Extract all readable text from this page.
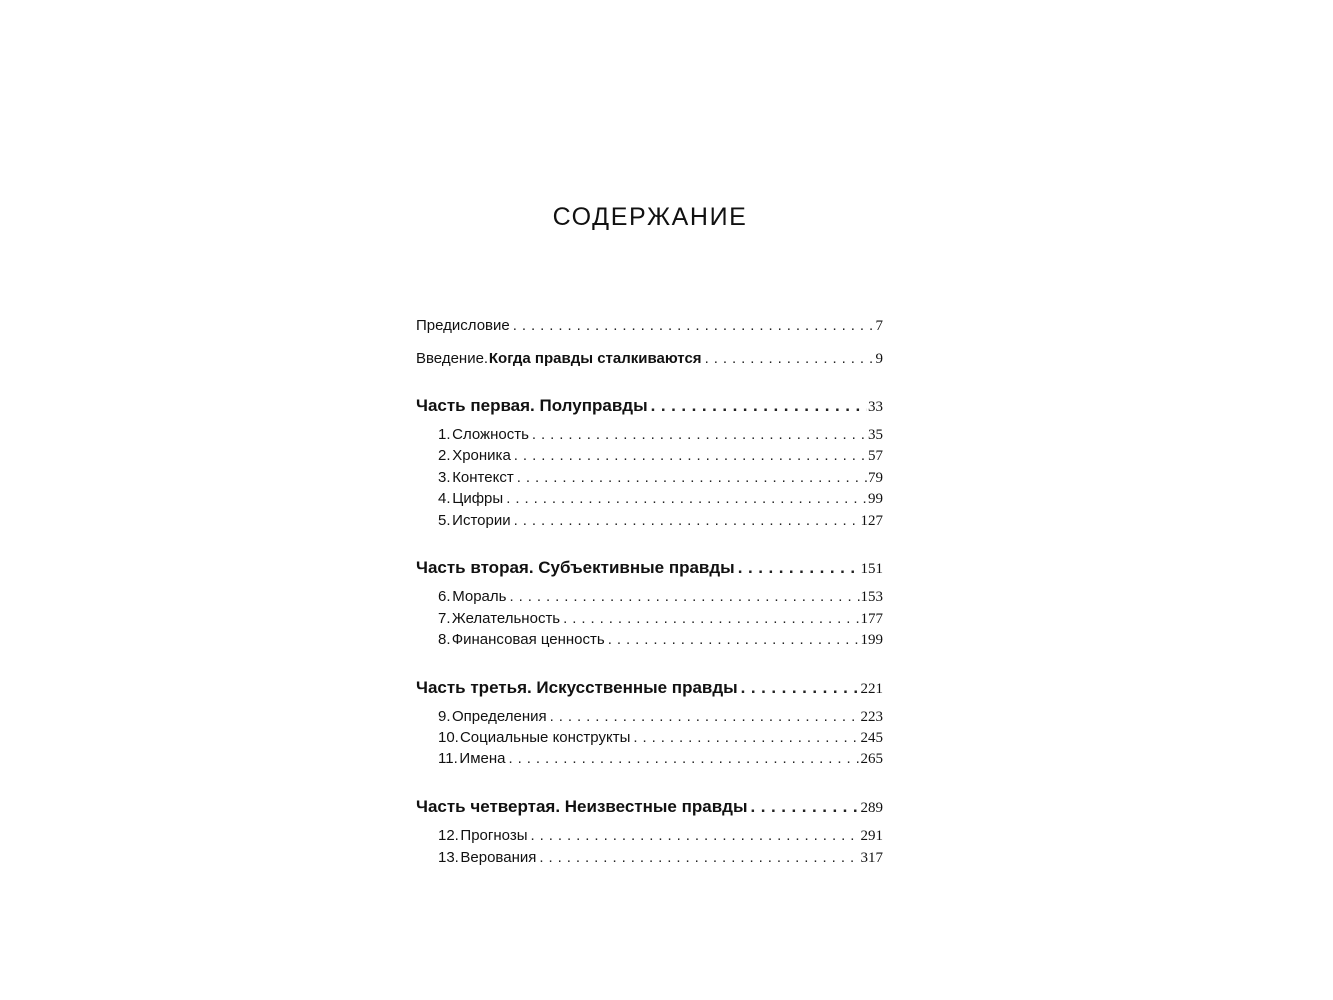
СОДЕРЖАНИЕ
Предисловие . . .	7
Введение. Когда правды сталкиваются . . .	9
Часть первая. Полуправды . . .	33
1. Сложность . . .	35
2. Хроника . . .	57
3. Контекст . . .	79
4. Цифры . . .	99
5. Истории . . .	127
Часть вторая. Субъективные правды . . .	151
6. Мораль . . .	153
7. Желательность . . .	177
8. Финансовая ценность . . .	199
Часть третья. Искусственные правды . . .	221
9. Определения . . .	223
10. Социальные конструкты . . .	245
11. Имена . . .	265
Часть четвертая. Неизвестные правды . . .	289
12. Прогнозы . . .	291
13. Верования . . .	317
